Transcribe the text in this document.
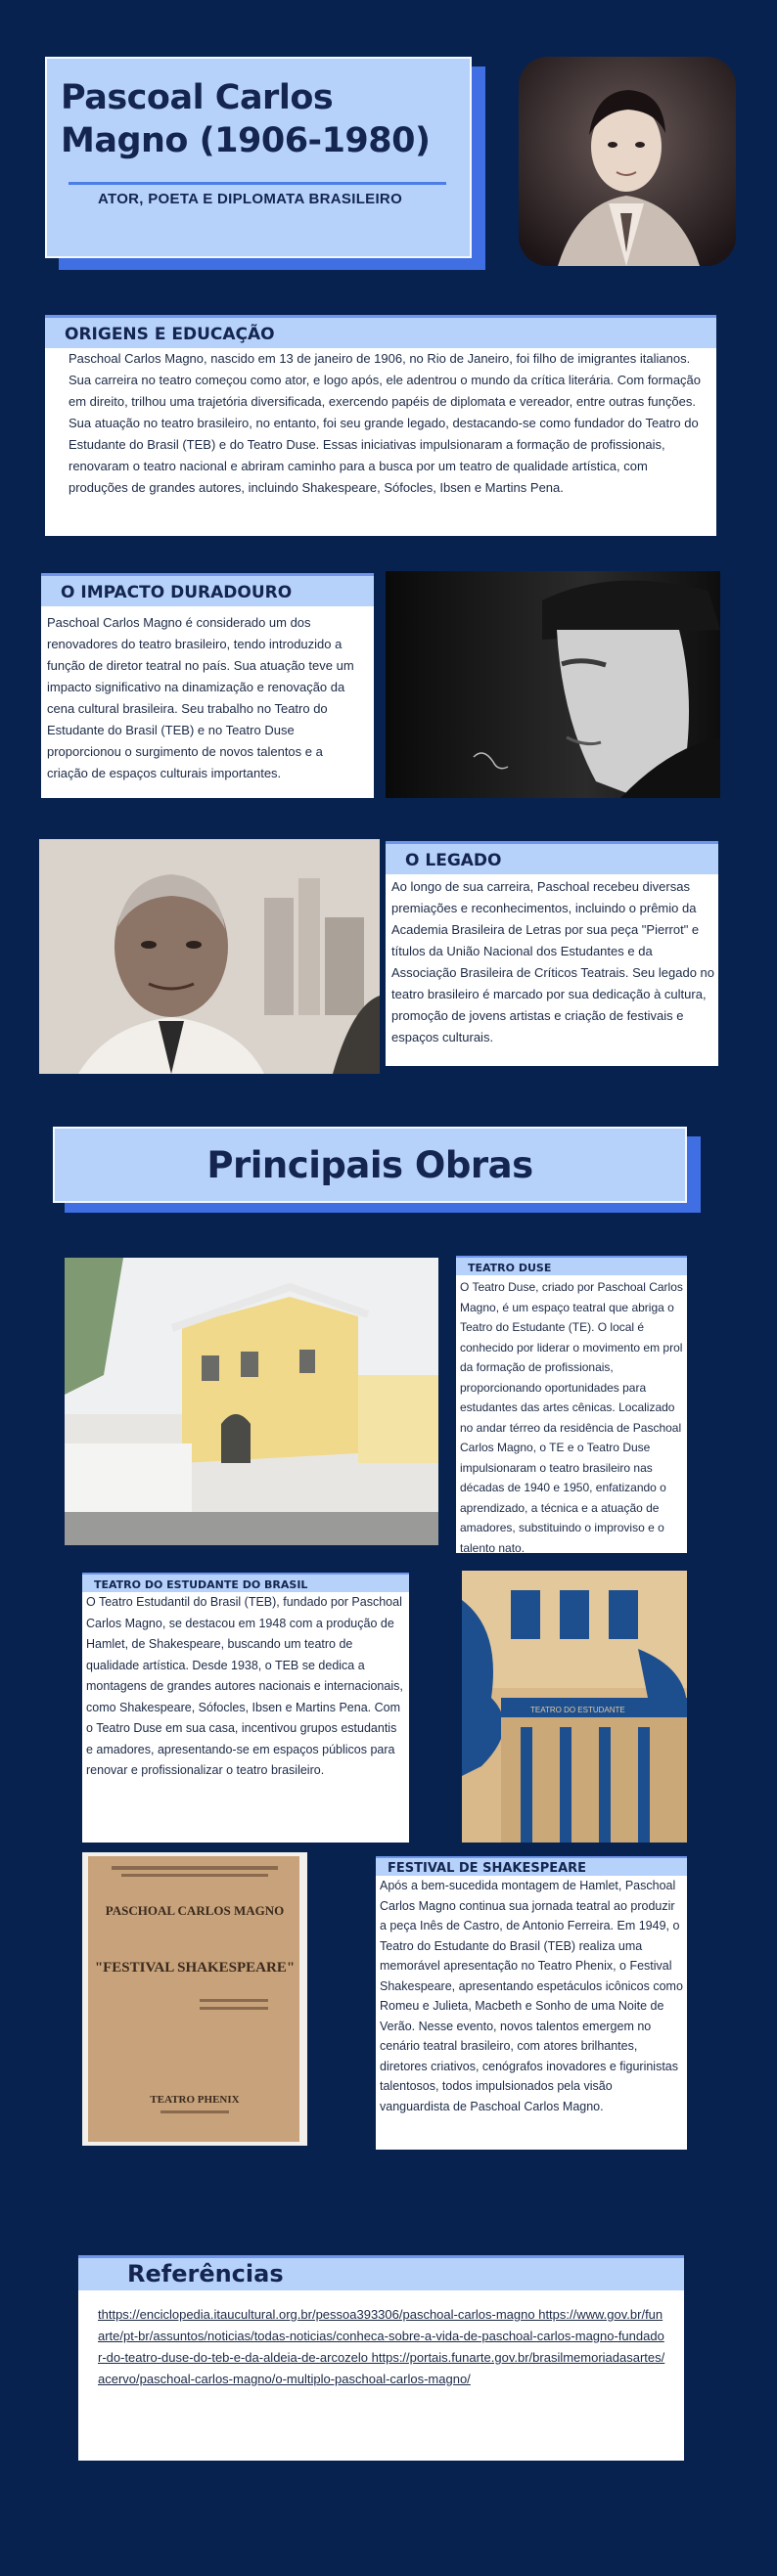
Pascoal Carlos Magno (1906-1980)
ATOR, POETA E DIPLOMATA BRASILEIRO
ORIGENS E EDUCAÇÃO
Paschoal Carlos Magno, nascido em 13 de janeiro de 1906, no Rio de Janeiro, foi filho de imigrantes italianos. Sua carreira no teatro começou como ator, e logo após, ele adentrou o mundo da crítica literária. Com formação em direito, trilhou uma trajetória diversificada, exercendo papéis de diplomata e vereador, entre outras funções. Sua atuação no teatro brasileiro, no entanto, foi seu grande legado, destacando-se como fundador do Teatro do Estudante do Brasil (TEB) e do Teatro Duse. Essas iniciativas impulsionaram a formação de profissionais, renovaram o teatro nacional e abriram caminho para a busca por um teatro de qualidade artística, com produções de grandes autores, incluindo Shakespeare, Sófocles, Ibsen e Martins Pena.
O IMPACTO DURADOURO
Paschoal Carlos Magno é considerado um dos renovadores do teatro brasileiro, tendo introduzido a função de diretor teatral no país. Sua atuação teve um impacto significativo na dinamização e renovação da cena cultural brasileira. Seu trabalho no Teatro do Estudante do Brasil (TEB) e no Teatro Duse proporcionou o surgimento de novos talentos e a criação de espaços culturais importantes.
O LEGADO
Ao longo de sua carreira, Paschoal recebeu diversas premiações e reconhecimentos, incluindo o prêmio da Academia Brasileira de Letras por sua peça "Pierrot" e títulos da União Nacional dos Estudantes e da Associação Brasileira de Críticos Teatrais. Seu legado no teatro brasileiro é marcado por sua dedicação à cultura, promoção de jovens artistas e criação de festivais e espaços culturais.
Principais Obras
TEATRO DUSE
O Teatro Duse, criado por Paschoal Carlos Magno, é um espaço teatral que abriga o Teatro do Estudante (TE). O local é conhecido por liderar o movimento em prol da formação de profissionais, proporcionando oportunidades para estudantes das artes cênicas. Localizado no andar térreo da residência de Paschoal Carlos Magno, o TE e o Teatro Duse impulsionaram o teatro brasileiro nas décadas de 1940 e 1950, enfatizando o aprendizado, a técnica e a atuação de amadores, substituindo o improviso e o talento nato.
TEATRO DO ESTUDANTE DO BRASIL
O Teatro Estudantil do Brasil (TEB), fundado por Paschoal Carlos Magno, se destacou em 1948 com a produção de Hamlet, de Shakespeare, buscando um teatro de qualidade artística. Desde 1938, o TEB se dedica a montagens de grandes autores nacionais e internacionais, como Shakespeare, Sófocles, Ibsen e Martins Pena. Com o Teatro Duse em sua casa, incentivou grupos estudantis e amadores, apresentando-se em espaços públicos para renovar e profissionalizar o teatro brasileiro.
TEATRO DO ESTUDANTE
PASCHOAL CARLOS MAGNO
"FESTIVAL SHAKESPEARE"
TEATRO PHENIX
FESTIVAL DE SHAKESPEARE
Após a bem-sucedida montagem de Hamlet, Paschoal Carlos Magno continua sua jornada teatral ao produzir a peça Inês de Castro, de Antonio Ferreira. Em 1949, o Teatro do Estudante do Brasil (TEB) realiza uma memorável apresentação no Teatro Phenix, o Festival Shakespeare, apresentando espetáculos icônicos como Romeu e Julieta, Macbeth e Sonho de uma Noite de Verão. Nesse evento, novos talentos emergem no cenário teatral brasileiro, com atores brilhantes, diretores criativos, cenógrafos inovadores e figurinistas talentosos, todos impulsionados pela visão vanguardista de Paschoal Carlos Magno.
Referências
thttps://enciclopedia.itaucultural.org.br/pessoa393306/paschoal-carlos-magno https://www.gov.br/funarte/pt-br/assuntos/noticias/todas-noticias/conheca-sobre-a-vida-de-paschoal-carlos-magno-fundador-do-teatro-duse-do-teb-e-da-aldeia-de-arcozelo https://portais.funarte.gov.br/brasilmemoriadasartes/acervo/paschoal-carlos-magno/o-multiplo-paschoal-carlos-magno/
